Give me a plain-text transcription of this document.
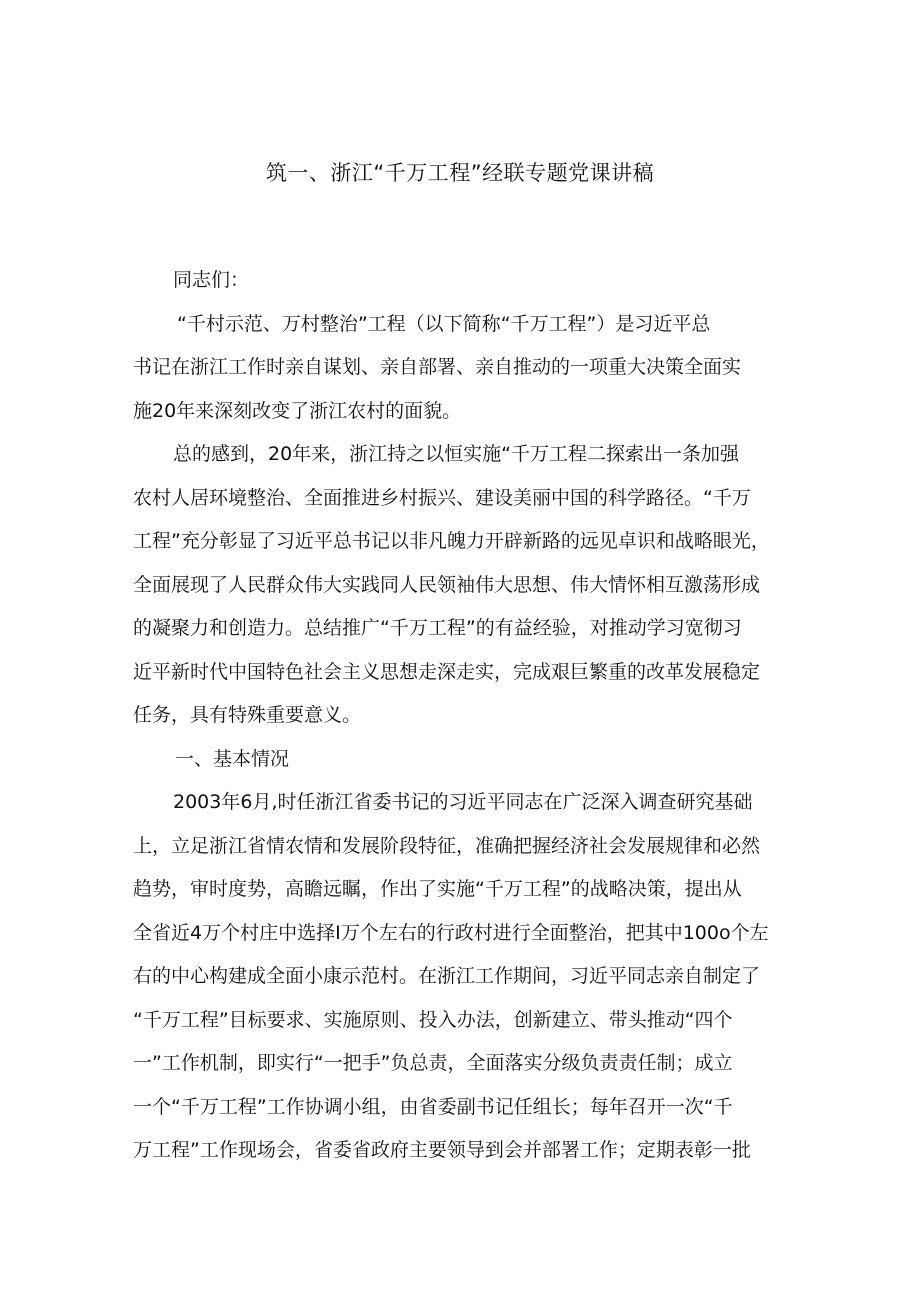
筑一、浙江“千万工程”经联专题党课讲稿
同志们：
“千村示范、万村整治”工程（以下简称“千万工程”）是习近平总
书记在浙江工作时亲自谋划、亲自部署、亲自推动的一项重大决策全面实
施20年来深刻改变了浙江农村的面貌。
总的感到，20年来，浙江持之以恒实施“千万工程二探索出一条加强
农村人居环境整治、全面推进乡村振兴、建设美丽中国的科学路径。“千万
工程”充分彰显了习近平总书记以非凡魄力开辟新路的远见卓识和战略眼光，
全面展现了人民群众伟大实践同人民领袖伟大思想、伟大情怀相互激荡形成
的凝聚力和创造力。总结推广“千万工程”的有益经验，对推动学习宽彻习
近平新时代中国特色社会主义思想走深走实，完成艰巨繁重的改革发展稳定
任务，具有特殊重要意义。
一、基本情况
2003年6月,时任浙江省委书记的习近平同志在广泛深入调查研究基础
上，立足浙江省情农情和发展阶段特征，准确把握经济社会发展规律和必然
趋势，审时度势，高瞻远瞩，作出了实施“千万工程”的战略决策，提出从
全省近4万个村庄中选择I万个左右的行政村进行全面整治，把其中100o个左
右的中心构建成全面小康示范村。在浙江工作期间，习近平同志亲自制定了
“千万工程”目标要求、实施原则、投入办法，创新建立、带头推动“四个
一”工作机制，即实行“一把手”负总责，全面落实分级负责责任制；成立
一个“千万工程”工作协调小组，由省委副书记任组长；每年召开一次“千
万工程”工作现场会，省委省政府主要领导到会并部署工作；定期表彰一批
